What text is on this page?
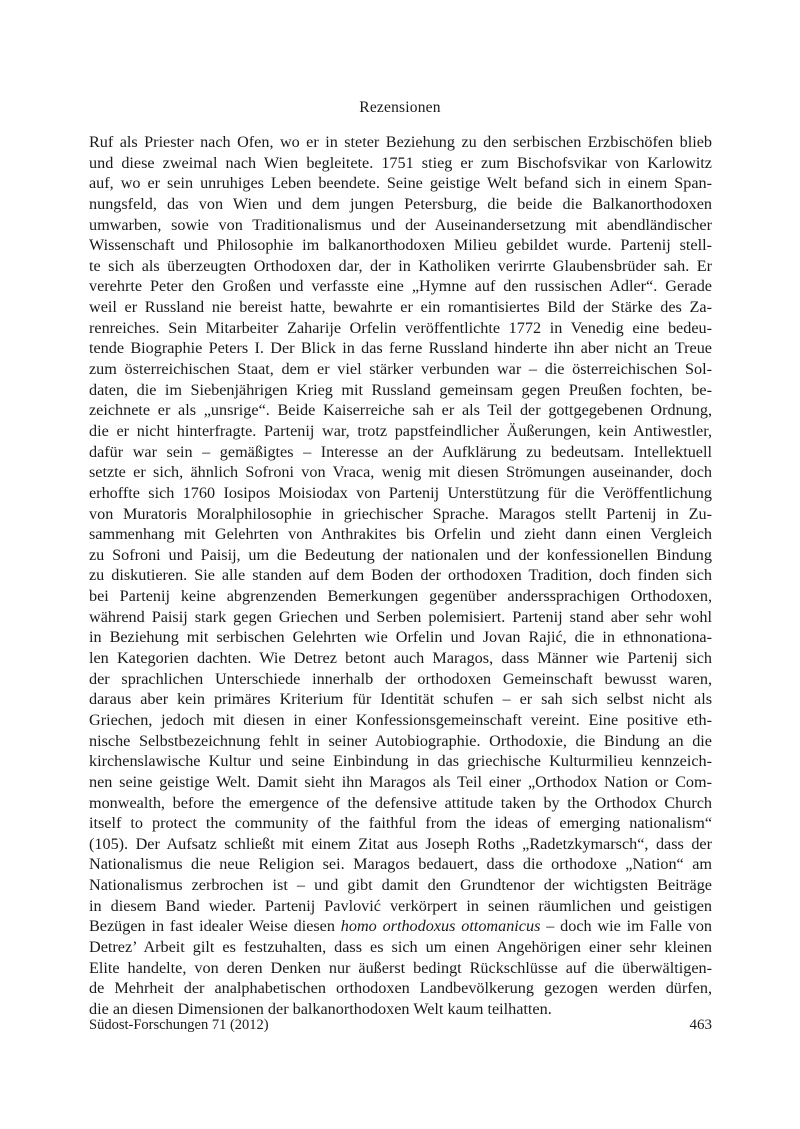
Rezensionen
Ruf als Priester nach Ofen, wo er in steter Beziehung zu den serbischen Erzbischöfen blieb
und diese zweimal nach Wien begleitete. 1751 stieg er zum Bischofsvikar von Karlowitz
auf, wo er sein unruhiges Leben beendete. Seine geistige Welt befand sich in einem Span-
nungsfeld, das von Wien und dem jungen Petersburg, die beide die Balkanorthodoxen
umwarben, sowie von Traditionalismus und der Auseinandersetzung mit abendländischer
Wissenschaft und Philosophie im balkanorthodoxen Milieu gebildet wurde. Partenij stell-
te sich als überzeugten Orthodoxen dar, der in Katholiken verirrte Glaubensbrüder sah. Er
verehrte Peter den Großen und verfasste eine „Hymne auf den russischen Adler“. Gerade
weil er Russland nie bereist hatte, bewahrte er ein romantisiertes Bild der Stärke des Za-
renreiches. Sein Mitarbeiter Zaharije Orfelin veröffentlichte 1772 in Venedig eine bedeu-
tende Biographie Peters I. Der Blick in das ferne Russland hinderte ihn aber nicht an Treue
zum österreichischen Staat, dem er viel stärker verbunden war – die österreichischen Sol-
daten, die im Siebenjährigen Krieg mit Russland gemeinsam gegen Preußen fochten, be-
zeichnete er als „unsrige“. Beide Kaiserreiche sah er als Teil der gottgegebenen Ordnung,
die er nicht hinterfragte. Partenij war, trotz papstfeindlicher Äußerungen, kein Antiwestler,
dafür war sein – gemäßigtes – Interesse an der Aufklärung zu bedeutsam. Intellektuell
setzte er sich, ähnlich Sofroni von Vraca, wenig mit diesen Strömungen auseinander, doch
erhoffte sich 1760 Iosipos Moisiodax von Partenij Unterstützung für die Veröffentlichung
von Muratoris Moralphilosophie in griechischer Sprache. Maragos stellt Partenij in Zu-
sammenhang mit Gelehrten von Anthrakites bis Orfelin und zieht dann einen Vergleich
zu Sofroni und Paisij, um die Bedeutung der nationalen und der konfessionellen Bindung
zu diskutieren. Sie alle standen auf dem Boden der orthodoxen Tradition, doch finden sich
bei Partenij keine abgrenzenden Bemerkungen gegenüber anderssprachigen Orthodoxen,
während Paisij stark gegen Griechen und Serben polemisiert. Partenij stand aber sehr wohl
in Beziehung mit serbischen Gelehrten wie Orfelin und Jovan Rajić, die in ethnonationa-
len Kategorien dachten. Wie Detrez betont auch Maragos, dass Männer wie Partenij sich
der sprachlichen Unterschiede innerhalb der orthodoxen Gemeinschaft bewusst waren,
daraus aber kein primäres Kriterium für Identität schufen – er sah sich selbst nicht als
Griechen, jedoch mit diesen in einer Konfessionsgemeinschaft vereint. Eine positive eth-
nische Selbstbezeichnung fehlt in seiner Autobiographie. Orthodoxie, die Bindung an die
kirchenslawische Kultur und seine Einbindung in das griechische Kulturmilieu kennzeich-
nen seine geistige Welt. Damit sieht ihn Maragos als Teil einer „Orthodox Nation or Com-
monwealth, before the emergence of the defensive attitude taken by the Orthodox Church
itself to protect the community of the faithful from the ideas of emerging nationalism“
(105). Der Aufsatz schließt mit einem Zitat aus Joseph Roths „Radetzkymarsch“, dass der
Nationalismus die neue Religion sei. Maragos bedauert, dass die orthodoxe „Nation“ am
Nationalismus zerbrochen ist – und gibt damit den Grundtenor der wichtigsten Beiträge
in diesem Band wieder. Partenij Pavlović verkörpert in seinen räumlichen und geistigen
Bezügen in fast idealer Weise diesen homo orthodoxus ottomanicus – doch wie im Falle von
Detrez’ Arbeit gilt es festzuhalten, dass es sich um einen Angehörigen einer sehr kleinen
Elite handelte, von deren Denken nur äußerst bedingt Rückschlüsse auf die überwältigen-
de Mehrheit der analphabetischen orthodoxen Landbevölkerung gezogen werden dürfen,
die an diesen Dimensionen der balkanorthodoxen Welt kaum teilhatten.
Südost-Forschungen 71 (2012)	463
